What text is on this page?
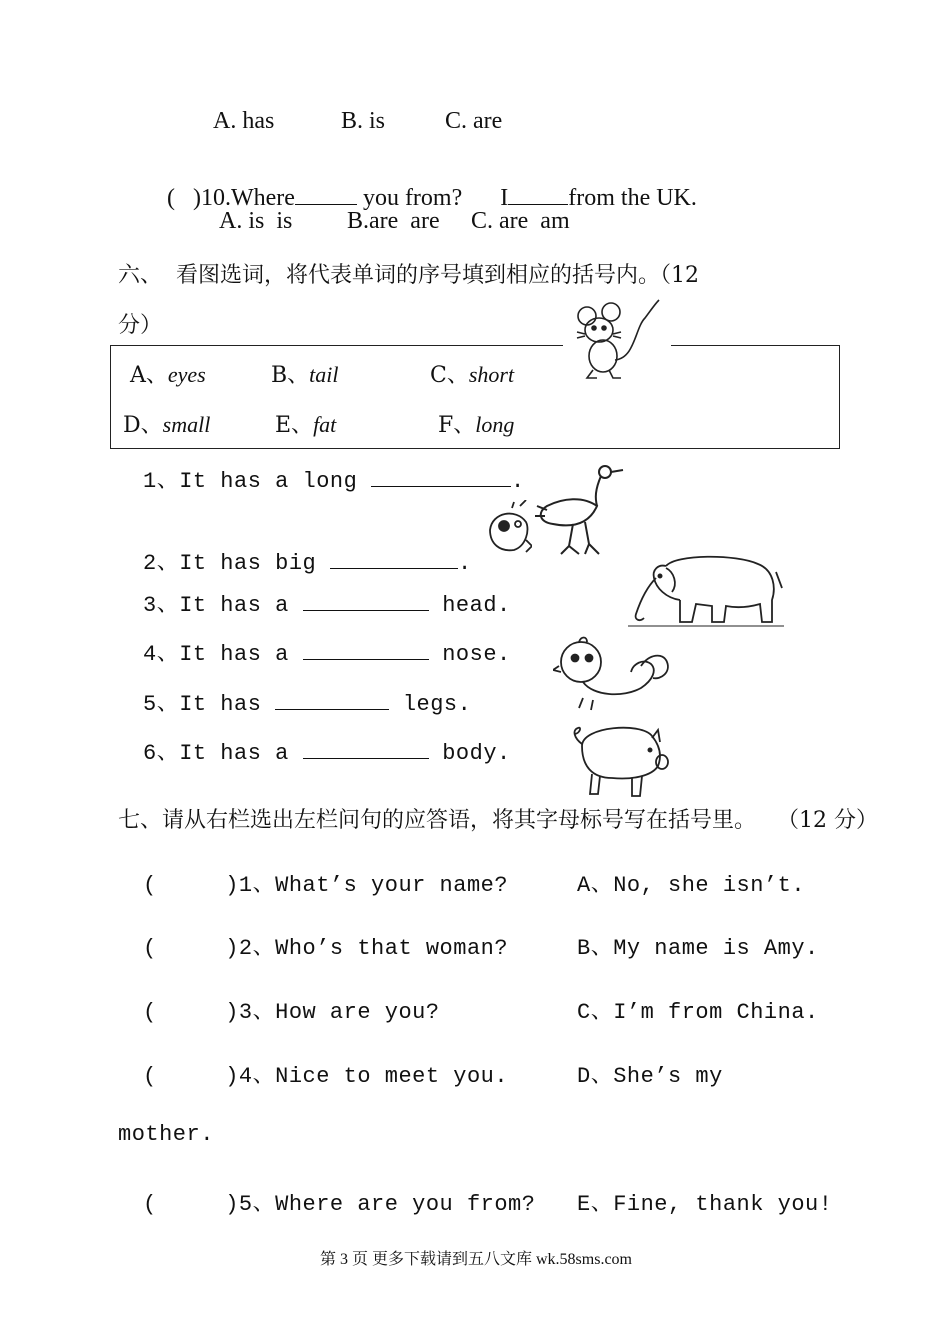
A. has	B. is C. are

(   )10.Where	you from? I	from the UK.

A. is  is B.are  are C. are  am
六、  看图选词，将代表单词的序号填到相应的括号内。（12
分）
A、eyes	B、tail	C、short
D、small	E、fat	F、long
1、It has a long	.
2、It has big	.
3、It has a	head.
4、It has a	nose.
5、It has	legs.
6、It has a	body.
七、请从右栏选出左栏问句的应答语，将其字母标号写在括号里。   （12 分）
(     )1、What’s your name?	A、No, she isn’t.
(     )2、Who’s that woman?	B、My name is Amy.
(     )3、How are you?	C、I’m from China.
(     )4、Nice to meet you.	D、She’s my
mother.
(     )5、Where are you from? E、Fine, thank you!
第 3 页 更多下载请到五八文库 wk.58sms.com
